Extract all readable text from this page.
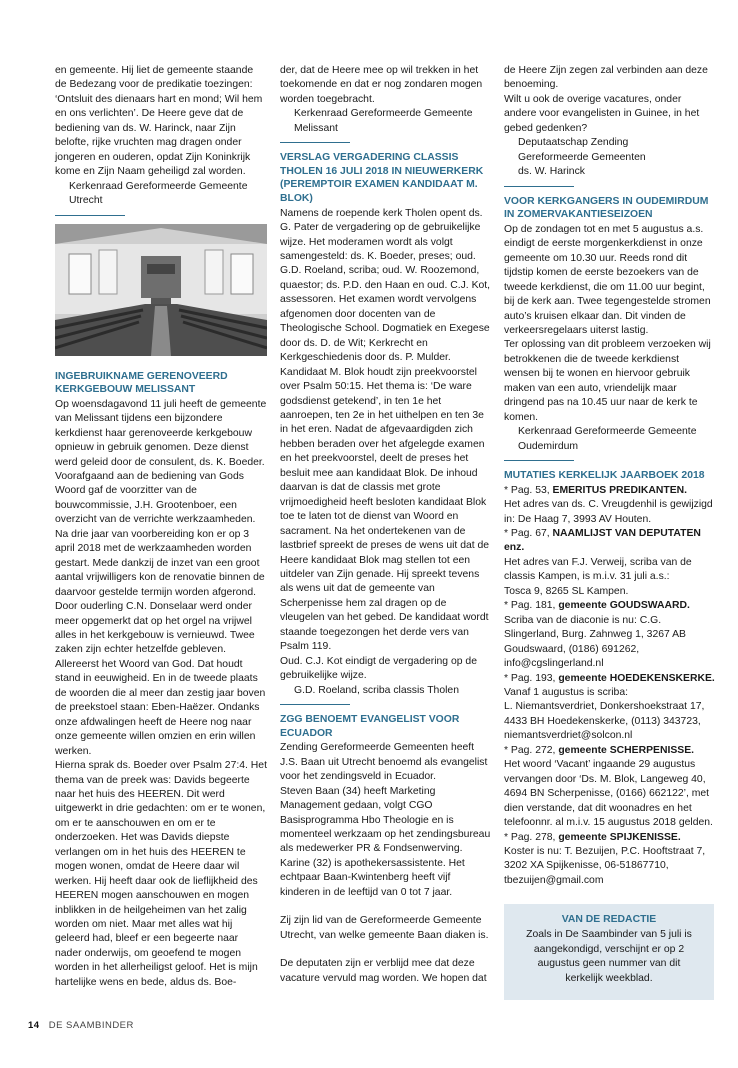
en gemeente. Hij liet de gemeente staande de Bedezang voor de predikatie toezingen: ‘Ontsluit des dienaars hart en mond; Wil hem en ons verlichten’. De Heere geve dat de bediening van ds. W. Harinck, naar Zijn belofte, rijke vruchten mag dragen onder jongeren en ouderen, opdat Zijn Koninkrijk kome en Zijn Naam geheiligd zal worden.

Kerkenraad Gereformeerde Gemeente Utrecht

INGEBRUIKNAME GERENOVEERD KERKGEBOUW MELISSANT

Op woensdagavond 11 juli heeft de gemeente van Melissant tijdens een bijzondere kerkdienst haar gerenoveerde kerkgebouw opnieuw in gebruik genomen. Deze dienst werd geleid door de consulent, ds. K. Boeder. Voorafgaand aan de bediening van Gods Woord gaf de voorzitter van de bouwcommissie, J.H. Grootenboer, een overzicht van de verrichte werkzaamheden. Na drie jaar van voorbereiding kon er op 3 april 2018 met de werkzaamheden worden gestart. Mede dankzij de inzet van een groot aantal vrijwilligers kon de renovatie binnen de daarvoor gestelde termijn worden afgerond. Door ouderling C.N. Donselaar werd onder meer opgemerkt dat op het orgel na vrijwel alles in het kerkgebouw is vernieuwd. Twee zaken zijn echter hetzelfde gebleven. Allereerst het Woord van God. Dat houdt stand in eeuwigheid. En in de tweede plaats de woorden die al meer dan zestig jaar boven de preekstoel staan: Eben-Haëzer. Ondanks onze afdwalingen heeft de Heere nog naar onze gemeente willen omzien en erin willen werken.

Hierna sprak ds. Boeder over Psalm 27:4. Het thema van de preek was: Davids begeerte naar het huis des HEEREN. Dit werd uitgewerkt in drie gedachten: om er te wonen, om er te aanschouwen en om er te onderzoeken. Het was Davids diepste verlangen om in het huis des HEEREN te mogen wonen, omdat de Heere daar wil werken. Hij heeft daar ook de lieflijkheid des HEEREN mogen aanschouwen en mogen inblikken in de heilgeheimen van het zalig worden om niet. Maar met alles wat hij geleerd had, bleef er een begeerte naar nader onderwijs, om geoefend te mogen worden in het allerheiligst geloof. Het is mijn hartelijke wens en bede, aldus ds. Boe-

der, dat de Heere mee op wil trekken in het toekomende en dat er nog zondaren mogen worden toegebracht.

Kerkenraad Gereformeerde Gemeente Melissant

VERSLAG VERGADERING CLASSIS THOLEN 16 JULI 2018 IN NIEUWERKERK (PEREMPTOIR EXAMEN KANDIDAAT M. BLOK)

Namens de roepende kerk Tholen opent ds. G. Pater de vergadering op de gebruikelijke wijze. Het moderamen wordt als volgt samengesteld: ds. K. Boeder, preses; oud. G.D. Roeland, scriba; oud. W. Roozemond, quaestor; ds. P.D. den Haan en oud. C.J. Kot, assessoren. Het examen wordt vervolgens afgenomen door docenten van de Theologische School. Dogmatiek en Exegese door ds. D. de Wit; Kerkrecht en Kerkgeschiedenis door ds. P. Mulder.

Kandidaat M. Blok houdt zijn preekvoorstel over Psalm 50:15. Het thema is: ‘De ware godsdienst getekend’, in ten 1e het aanroepen, ten 2e in het uithelpen en ten 3e in het eren. Nadat de afgevaardigden zich hebben beraden over het afgelegde examen en het preekvoorstel, deelt de preses het besluit mee aan kandidaat Blok. De inhoud daarvan is dat de classis met grote vrijmoedigheid heeft besloten kandidaat Blok toe te laten tot de dienst van Woord en sacrament. Na het ondertekenen van de lastbrief spreekt de preses de wens uit dat de Heere kandidaat Blok mag stellen tot een uitdeler van Zijn genade. Hij spreekt tevens als wens uit dat de gemeente van Scherpenisse hem zal dragen op de vleugelen van het gebed. De kandidaat wordt staande toegezongen het derde vers van Psalm 119.

Oud. C.J. Kot eindigt de vergadering op de gebruikelijke wijze.

G.D. Roeland, scriba classis Tholen

ZGG BENOEMT EVANGELIST VOOR ECUADOR

Zending Gereformeerde Gemeenten heeft J.S. Baan uit Utrecht benoemd als evangelist voor het zendingsveld in Ecuador.

Steven Baan (34) heeft Marketing Management gedaan, volgt CGO Basisprogramma Hbo Theologie en is momenteel werkzaam op het zendingsbureau als medewerker PR & Fondsenwerving. Karine (32) is apothekersassistente. Het echtpaar Baan-Kwintenberg heeft vijf kinderen in de leeftijd van 0 tot 7 jaar.

Zij zijn lid van de Gereformeerde Gemeente Utrecht, van welke gemeente Baan diaken is.

De deputaten zijn er verblijd mee dat deze vacature vervuld mag worden. We hopen dat

de Heere Zijn zegen zal verbinden aan deze benoeming.

Wilt u ook de overige vacatures, onder andere voor evangelisten in Guinee, in het gebed gedenken?

Deputaatschap Zending

Gereformeerde Gemeenten

ds. W. Harinck

VOOR KERKGANGERS IN OUDEMIRDUM IN ZOMERVAKANTIESEIZOEN

Op de zondagen tot en met 5 augustus a.s. eindigt de eerste morgenkerkdienst in onze gemeente om 10.30 uur. Reeds rond dit tijdstip komen de eerste bezoekers van de tweede kerkdienst, die om 11.00 uur begint, bij de kerk aan. Twee tegengestelde stromen auto’s kruisen elkaar dan. Dit vinden de verkeersregelaars uiterst lastig.

Ter oplossing van dit probleem verzoeken wij betrokkenen die de tweede kerkdienst wensen bij te wonen en hiervoor gebruik maken van een auto, vriendelijk maar dringend pas na 10.45 uur naar de kerk te komen.

Kerkenraad Gereformeerde Gemeente Oudemirdum

MUTATIES KERKELIJK JAARBOEK 2018

* Pag. 53, EMERITUS PREDIKANTEN.

Het adres van ds. C. Vreugdenhil is gewijzigd in: De Haag 7, 3993 AV Houten.

* Pag. 67, NAAMLIJST VAN DEPUTATEN enz.

Het adres van F.J. Verweij, scriba van de classis Kampen, is m.i.v. 31 juli a.s.:

Tosca 9, 8265 SL Kampen.

* Pag. 181, gemeente GOUDSWAARD.

Scriba van de diaconie is nu: C.G. Slingerland, Burg. Zahnweg 1, 3267 AB Goudswaard, (0186) 691262, info@cgslingerland.nl

* Pag. 193, gemeente HOEDEKENSKERKE.

Vanaf 1 augustus is scriba:

L. Niemantsverdriet, Donkershoekstraat 17, 4433 BH Hoedekenskerke, (0113) 343723, niemantsverdriet@solcon.nl

* Pag. 272, gemeente SCHERPENISSE.

Het woord ‘Vacant’ ingaande 29 augustus vervangen door ‘Ds. M. Blok, Langeweg 40, 4694 BN Scherpenisse, (0166) 662122’, met dien verstande, dat dit woonadres en het telefoonnr. al m.i.v. 15 augustus 2018 gelden.

* Pag. 278, gemeente SPIJKENISSE.

Koster is nu: T. Bezuijen, P.C. Hooftstraat 7, 3202 XA Spijkenisse, 06-51867710, tbezuijen@gmail.com

VAN DE REDACTIE
Zoals in De Saambinder van 5 juli is aangekondigd, verschijnt er op 2 augustus geen nummer van dit kerkelijk weekblad.
14 DE SAAMBINDER
